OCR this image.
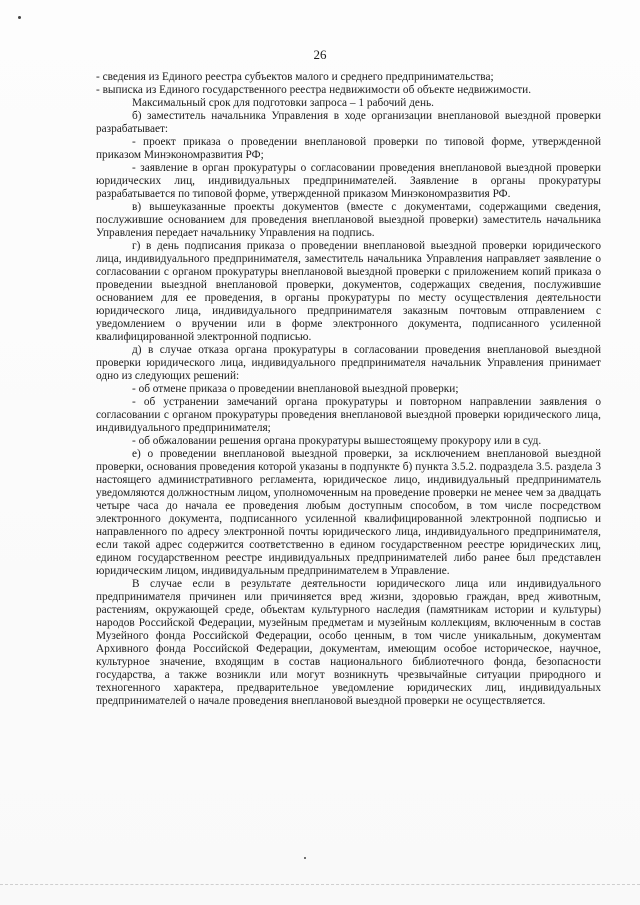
26

- сведения из Единого реестра субъектов малого и среднего предпринимательства;

- выписка из Единого государственного реестра недвижимости об объекте недвижимости.

Максимальный срок для подготовки запроса – 1 рабочий день.

б) заместитель начальника Управления в ходе организации внеплановой выездной проверки разрабатывает:

- проект приказа о проведении внеплановой проверки по типовой форме, утвержденной приказом Минэкономразвития РФ;

- заявление в орган прокуратуры о согласовании проведения внеплановой выездной проверки юридических лиц, индивидуальных предпринимателей. Заявление в органы прокуратуры разрабатывается по типовой форме, утвержденной приказом Минэкономразвития РФ.

в) вышеуказанные проекты документов (вместе с документами, содержащими сведения, послужившие основанием для проведения внеплановой выездной проверки) заместитель начальника Управления передает начальнику Управления на подпись.

г) в день подписания приказа о проведении внеплановой выездной проверки юридического лица, индивидуального предпринимателя, заместитель начальника Управления направляет заявление о согласовании с органом прокуратуры внеплановой выездной проверки с приложением копий приказа о проведении выездной внеплановой проверки, документов, содержащих сведения, послужившие основанием для ее проведения, в органы прокуратуры по месту осуществления деятельности юридического лица, индивидуального предпринимателя заказным почтовым отправлением с уведомлением о вручении или в форме электронного документа, подписанного усиленной квалифицированной электронной подписью.

д) в случае отказа органа прокуратуры в согласовании проведения внеплановой выездной проверки юридического лица, индивидуального предпринимателя начальник Управления принимает одно из следующих решений:

- об отмене приказа о проведении внеплановой выездной проверки;

- об устранении замечаний органа прокуратуры и повторном направлении заявления о согласовании с органом прокуратуры проведения внеплановой выездной проверки юридического лица, индивидуального предпринимателя;

- об обжаловании решения органа прокуратуры вышестоящему прокурору или в суд.

е) о проведении внеплановой выездной проверки, за исключением внеплановой выездной проверки, основания проведения которой указаны в подпункте б) пункта 3.5.2. подраздела 3.5. раздела 3 настоящего административного регламента, юридическое лицо, индивидуальный предприниматель уведомляются должностным лицом, уполномоченным на проведение проверки не менее чем за двадцать четыре часа до начала ее проведения любым доступным способом, в том числе посредством электронного документа, подписанного усиленной квалифицированной электронной подписью и направленного по адресу электронной почты юридического лица, индивидуального предпринимателя, если такой адрес содержится соответственно в едином государственном реестре юридических лиц, едином государственном реестре индивидуальных предпринимателей либо ранее был представлен юридическим лицом, индивидуальным предпринимателем в Управление.

В случае если в результате деятельности юридического лица или индивидуального предпринимателя причинен или причиняется вред жизни, здоровью граждан, вред животным, растениям, окружающей среде, объектам культурного наследия (памятникам истории и культуры) народов Российской Федерации, музейным предметам и музейным коллекциям, включенным в состав Музейного фонда Российской Федерации, особо ценным, в том числе уникальным, документам Архивного фонда Российской Федерации, документам, имеющим особое историческое, научное, культурное значение, входящим в состав национального библиотечного фонда, безопасности государства, а также возникли или могут возникнуть чрезвычайные ситуации природного и техногенного характера, предварительное уведомление юридических лиц, индивидуальных предпринимателей о начале проведения внеплановой выездной проверки не осуществляется.
